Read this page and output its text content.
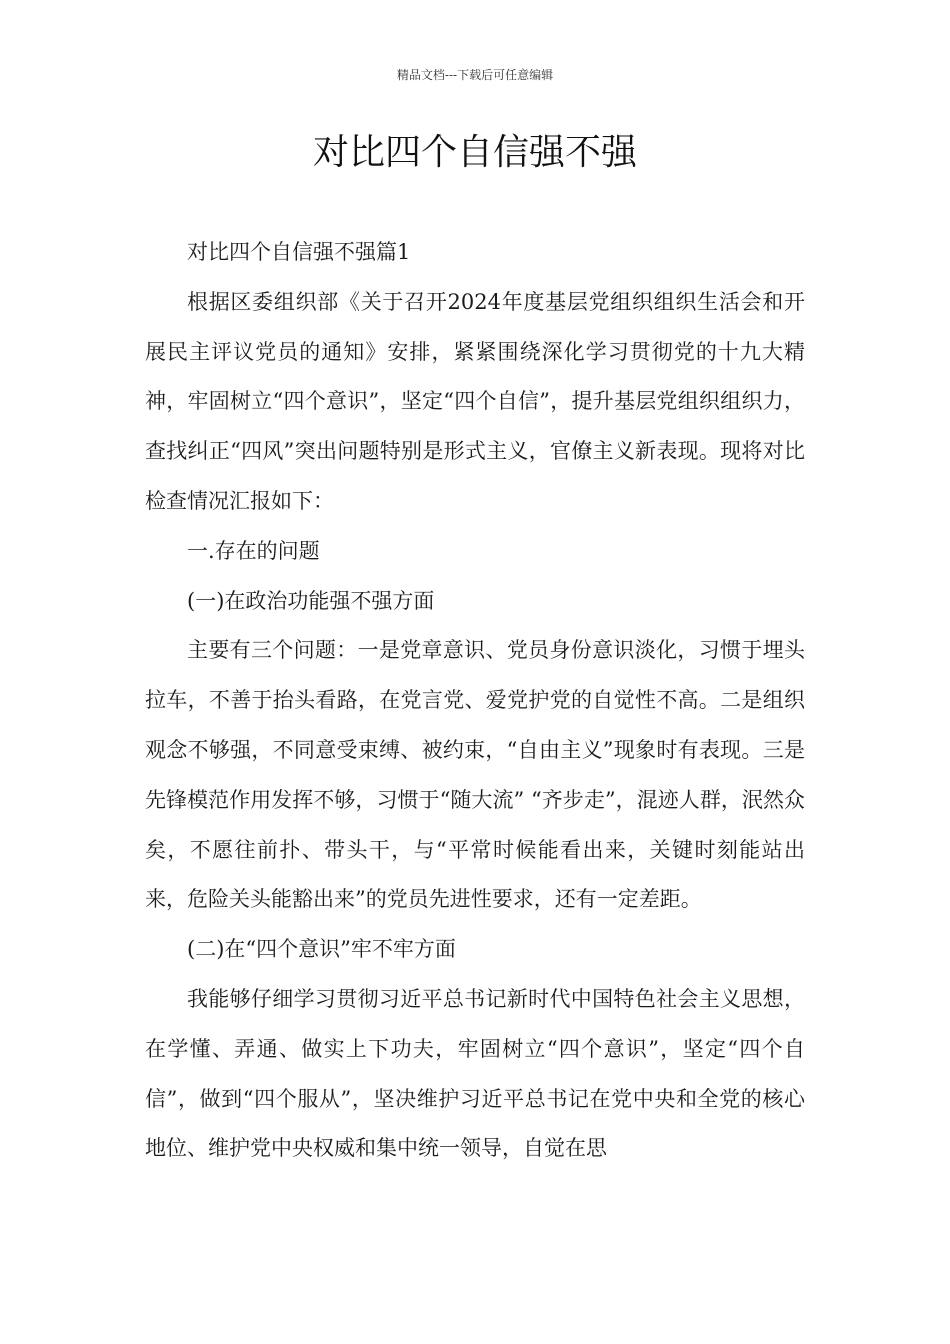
精品文档---下载后可任意编辑
对比四个自信强不强

对比四个自信强不强篇1

根据区委组织部《关于召开2024年度基层党组织组织生活会和开展民主评议党员的通知》安排，紧紧围绕深化学习贯彻党的十九大精神，牢固树立“四个意识”，坚定“四个自信”，提升基层党组织组织力，查找纠正“四风”突出问题特别是形式主义，官僚主义新表现。现将对比检查情况汇报如下：

一.存在的问题

(一)在政治功能强不强方面

主要有三个问题：一是党章意识、党员身份意识淡化，习惯于埋头拉车，不善于抬头看路，在党言党、爱党护党的自觉性不高。二是组织观念不够强，不同意受束缚、被约束，“自由主义”现象时有表现。三是先锋模范作用发挥不够，习惯于“随大流” “齐步走”，混迹人群，泯然众矣，不愿往前扑、带头干，与“平常时候能看出来，关键时刻能站出来，危险关头能豁出来”的党员先进性要求，还有一定差距。

(二)在“四个意识”牢不牢方面

我能够仔细学习贯彻习近平总书记新时代中国特色社会主义思想，在学懂、弄通、做实上下功夫，牢固树立“四个意识”，坚定“四个自信”，做到“四个服从”，坚决维护习近平总书记在党中央和全党的核心地位、维护党中央权威和集中统一领导，自觉在思
